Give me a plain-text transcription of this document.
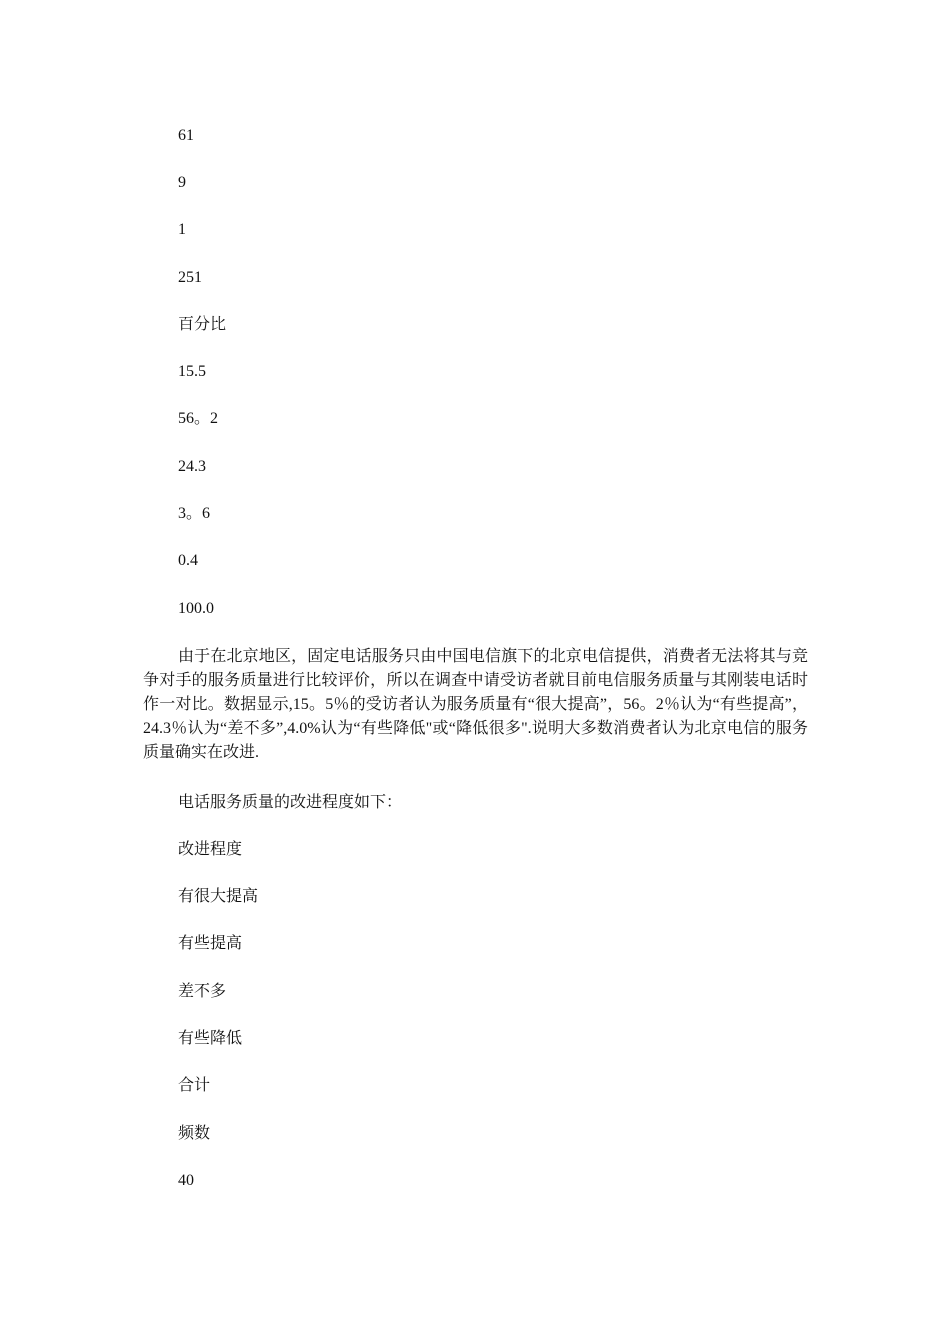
61
9
1
251
百分比
15.5
56。2
24.3
3。6
0.4
100.0
由于在北京地区，固定电话服务只由中国电信旗下的北京电信提供，消费者无法将其与竞争对手的服务质量进行比较评价，所以在调查中请受访者就目前电信服务质量与其刚装电话时作一对比。数据显示,15。5％的受访者认为服务质量有“很大提高”，56。2％认为“有些提高”，24.3％认为“差不多”,4.0%认为“有些降低"或“降低很多".说明大多数消费者认为北京电信的服务质量确实在改进.
电话服务质量的改进程度如下：
改进程度
有很大提高
有些提高
差不多
有些降低
合计
频数
40
